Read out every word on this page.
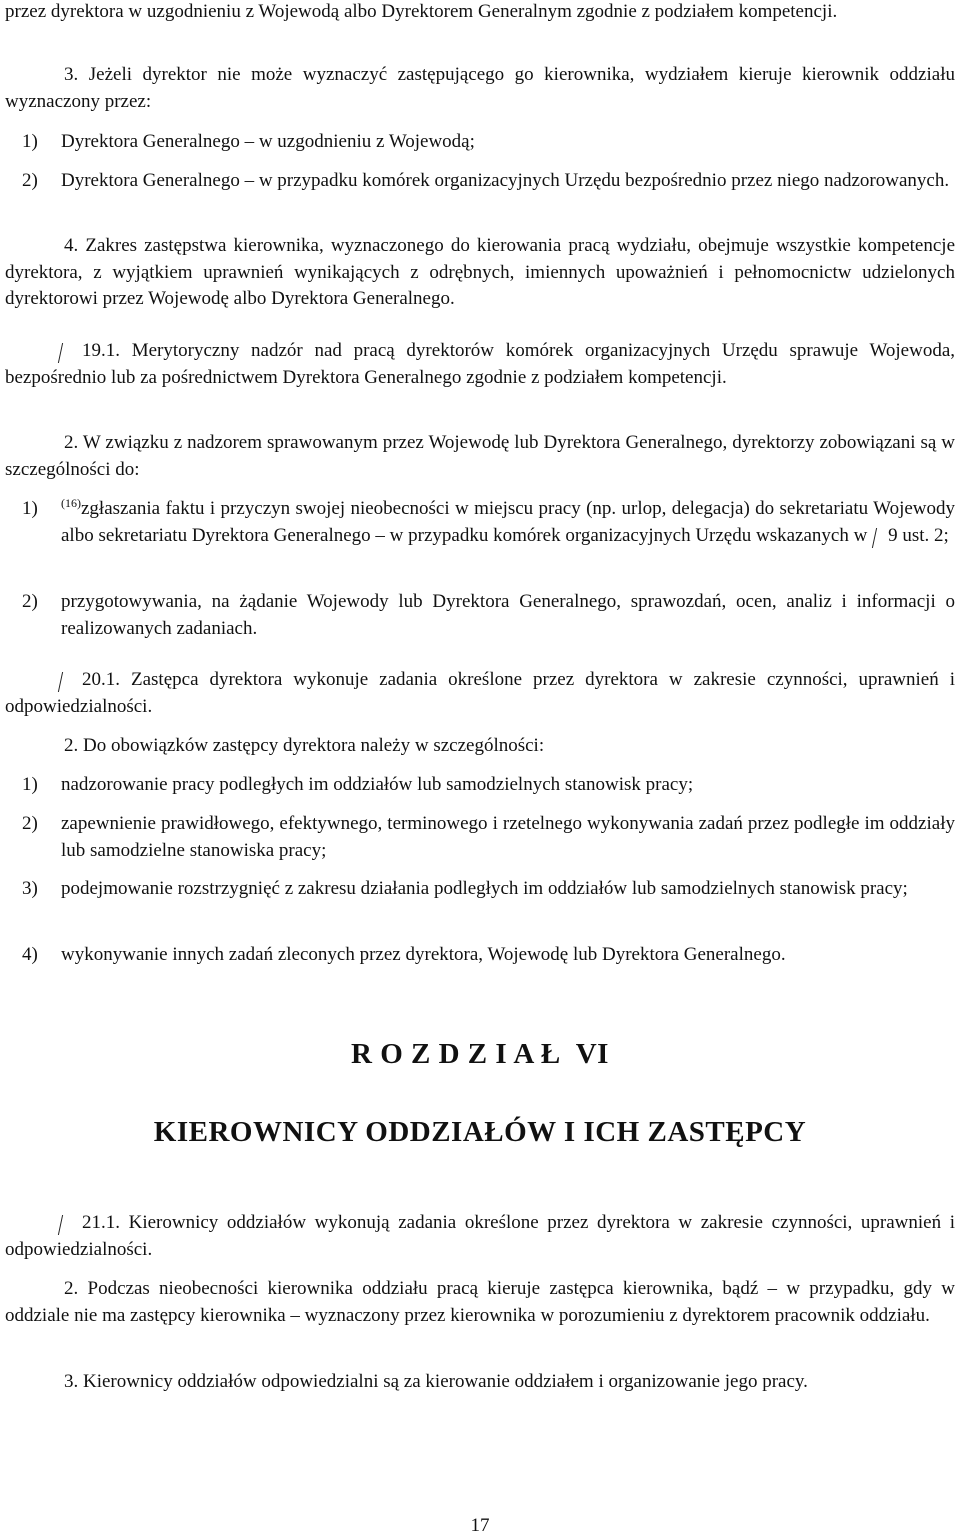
przez dyrektora w uzgodnieniu z Wojewodą albo Dyrektorem Generalnym zgodnie z podziałem kompetencji.
3. Jeżeli dyrektor nie może wyznaczyć zastępującego go kierownika, wydziałem kieruje kierownik oddziału wyznaczony przez:
1) Dyrektora Generalnego – w uzgodnieniu z Wojewodą;
2) Dyrektora Generalnego – w przypadku komórek organizacyjnych Urzędu bezpośrednio przez niego nadzorowanych.
4. Zakres zastępstwa kierownika, wyznaczonego do kierowania pracą wydziału, obejmuje wszystkie kompetencje dyrektora, z wyjątkiem uprawnień wynikających z odrębnych, imiennych upoważnień i pełnomocnictw udzielonych dyrektorowi przez Wojewodę albo Dyrektora Generalnego.
19.1. Merytoryczny nadzór nad pracą dyrektorów komórek organizacyjnych Urzędu sprawuje Wojewoda, bezpośrednio lub za pośrednictwem Dyrektora Generalnego zgodnie z podziałem kompetencji.
2. W związku z nadzorem sprawowanym przez Wojewodę lub Dyrektora Generalnego, dyrektorzy zobowiązani są w szczególności do:
1) $^{(16)}$zgłaszania faktu i przyczyn swojej nieobecności w miejscu pracy (np. urlop, delegacja) do sekretariatu Wojewody albo sekretariatu Dyrektora Generalnego – w przypadku komórek organizacyjnych Urzędu wskazanych w 9 ust. 2;
2) przygotowywania, na żądanie Wojewody lub Dyrektora Generalnego, sprawozdań, ocen, analiz i informacji o realizowanych zadaniach.
20.1. Zastępca dyrektora wykonuje zadania określone przez dyrektora w zakresie czynności, uprawnień i odpowiedzialności.
2. Do obowiązków zastępcy dyrektora należy w szczególności:
1) nadzorowanie pracy podległych im oddziałów lub samodzielnych stanowisk pracy;
2) zapewnienie prawidłowego, efektywnego, terminowego i rzetelnego wykonywania zadań przez podległe im oddziały lub samodzielne stanowiska pracy;
3) podejmowanie rozstrzygnięć z zakresu działania podległych im oddziałów lub samodzielnych stanowisk pracy;
4) wykonywanie innych zadań zleconych przez dyrektora, Wojewodę lub Dyrektora Generalnego.
R O Z D Z I A Ł  VI
KIEROWNICY ODDZIAŁÓW I ICH ZASTĘPCY
21.1. Kierownicy oddziałów wykonują zadania określone przez dyrektora w zakresie czynności, uprawnień i odpowiedzialności.
2. Podczas nieobecności kierownika oddziału pracą kieruje zastępca kierownika, bądź – w przypadku, gdy w oddziale nie ma zastępcy kierownika – wyznaczony przez kierownika w porozumieniu z dyrektorem pracownik oddziału.
3. Kierownicy oddziałów odpowiedzialni są za kierowanie oddziałem i organizowanie jego pracy.
17
